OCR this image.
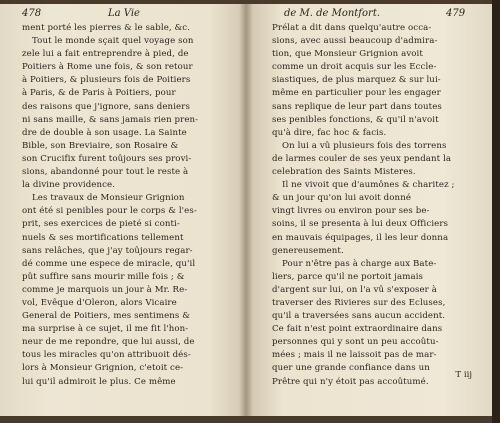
478	La Vie
ment porté les pierres & le sable, &c.
Tout le monde sçait quel voyage son
zele lui a fait entreprendre à pied, de
Poitiers à Rome une fois, & son retour
à Poitiers, & plusieurs fois de Poitiers
à Paris, & de Paris à Poitiers, pour
des raisons que j'ignore, sans deniers
ni sans maille, & sans jamais rien pren-
dre de double à son usage. La Sainte
Bible, son Breviaire, son Rosaire &
son Crucifix furent toûjours ses provi-
sions, abandonné pour tout le reste à
la divine providence.
Les travaux de Monsieur Grignion
ont été si penibles pour le corps & l'es-
prit, ses exercices de pieté si conti-
nuels & ses mortifications tellement
sans relâches, que j'ay toûjours regar-
dé comme une espece de miracle, qu'il
pût suffire sans mourir mille fois ; &
comme je marquois un jour à Mr. Re-
vol, Evêque d'Oleron, alors Vicaire
General de Poitiers, mes sentimens &
ma surprise à ce sujet, il me fit l'hon-
neur de me repondre, que lui aussi, de
tous les miracles qu'on attribuoit dés-
lors à Monsieur Grignion, c'etoit ce-
lui qu'il admiroit le plus. Ce même
de M. de Montfort.	479
Prélat a dit dans quelqu'autre occa-
sions, avec aussi beaucoup d'admira-
tion, que Monsieur Grignion avoit
comme un droit acquis sur les Eccle-
siastiques, de plus marquez & sur lui-
même en particulier pour les engager
sans replique de leur part dans toutes
ses penibles fonctions, & qu'il n'avoit
qu'à dire, fac hoc & facis.
On lui a vû plusieurs fois des torrens
de larmes couler de ses yeux pendant la
celebration des Saints Misteres.
Il ne vivoit que d'aumônes & charitez ;
& un jour qu'on lui avoit donné
vingt livres ou environ pour ses be-
soins, il se presenta à lui deux Officiers
en mauvais équipages, il les leur donna
genereusement.
Pour n'être pas à charge aux Bate-
liers, parce qu'il ne portoit jamais
d'argent sur lui, on l'a vû s'exposer à
traverser des Rivieres sur des Ecluses,
qu'il a traversées sans aucun accident.
Ce fait n'est point extraordinaire dans
personnes qui y sont un peu accoûtu-
mées ; mais il ne laissoit pas de mar-
quer une grande confiance dans un
Prêtre qui n'y étoit pas accoûtumé.
T iij
